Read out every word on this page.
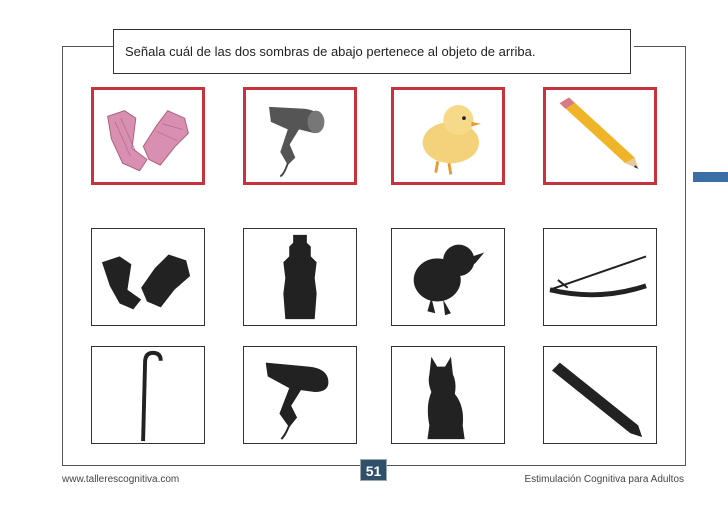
Señala cuál de las dos sombras de abajo pertenece al objeto de arriba.
www.tallerescognitiva.com
51
Estimulación Cognitiva para Adultos
